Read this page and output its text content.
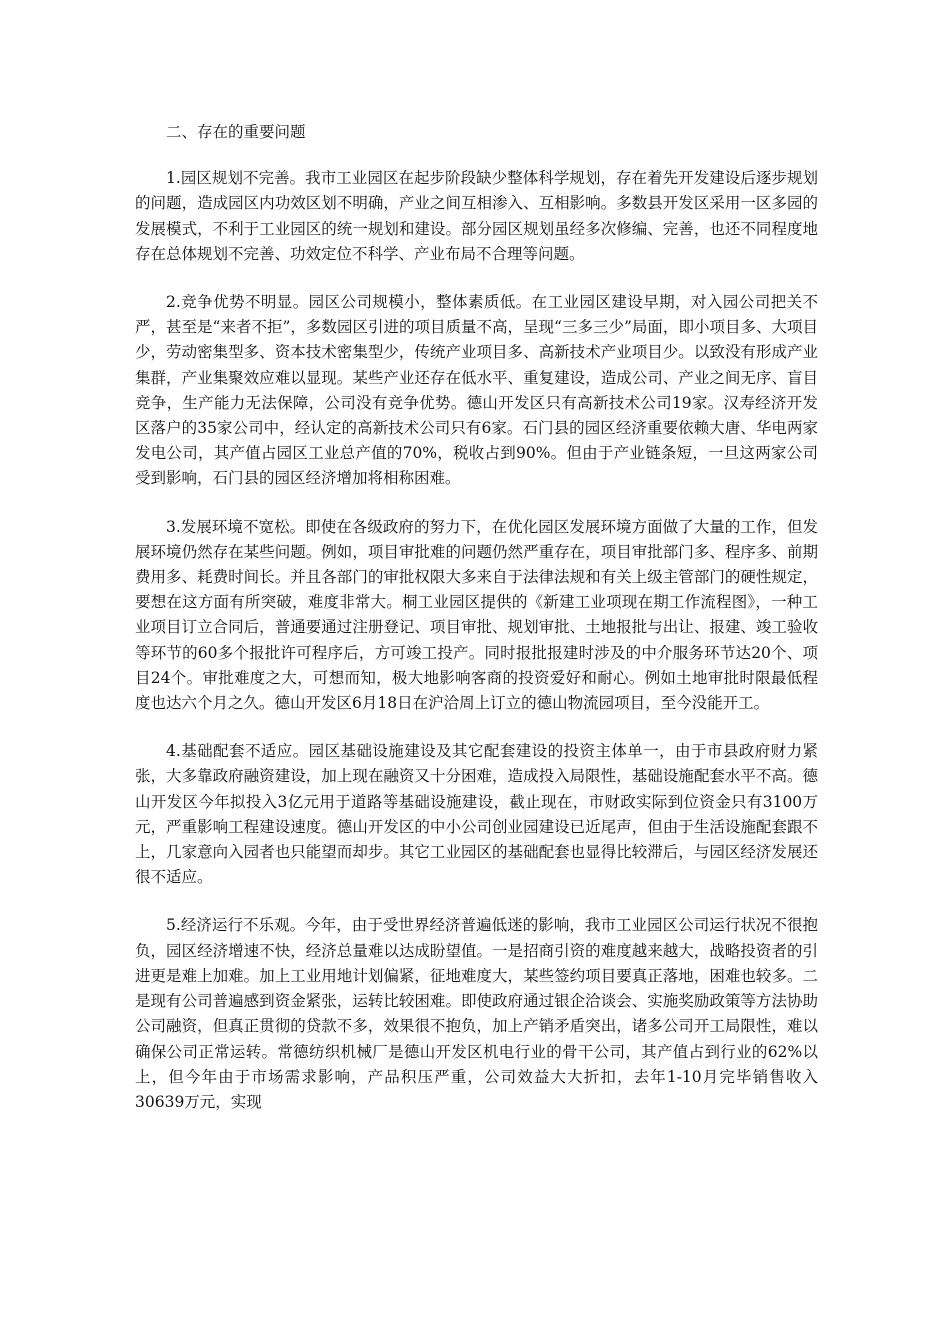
二、存在的重要问题

1.园区规划不完善。我市工业园区在起步阶段缺少整体科学规划，存在着先开发建设后逐步规划的问题，造成园区内功效区划不明确，产业之间互相渗入、互相影响。多数县开发区采用一区多园的发展模式，不利于工业园区的统一规划和建设。部分园区规划虽经多次修编、完善，也还不同程度地存在总体规划不完善、功效定位不科学、产业布局不合理等问题。

2.竞争优势不明显。园区公司规模小，整体素质低。在工业园区建设早期，对入园公司把关不严，甚至是“来者不拒”，多数园区引进的项目质量不高，呈现“三多三少”局面，即小项目多、大项目少，劳动密集型多、资本技术密集型少，传统产业项目多、高新技术产业项目少。以致没有形成产业集群，产业集聚效应难以显现。某些产业还存在低水平、重复建设，造成公司、产业之间无序、盲目竞争，生产能力无法保障，公司没有竞争优势。德山开发区只有高新技术公司19家。汉寿经济开发区落户的35家公司中，经认定的高新技术公司只有6家。石门县的园区经济重要依赖大唐、华电两家发电公司，其产值占园区工业总产值的70%，税收占到90%。但由于产业链条短，一旦这两家公司受到影响，石门县的园区经济增加将相称困难。

3.发展环境不宽松。即使在各级政府的努力下，在优化园区发展环境方面做了大量的工作，但发展环境仍然存在某些问题。例如，项目审批难的问题仍然严重存在，项目审批部门多、程序多、前期费用多、耗费时间长。并且各部门的审批权限大多来自于法律法规和有关上级主管部门的硬性规定，要想在这方面有所突破，难度非常大。桐工业园区提供的《新建工业项现在期工作流程图》，一种工业项目订立合同后，普通要通过注册登记、项目审批、规划审批、土地报批与出让、报建、竣工验收等环节的60多个报批许可程序后，方可竣工投产。同时报批报建时涉及的中介服务环节达20个、项目24个。审批难度之大，可想而知，极大地影响客商的投资爱好和耐心。例如土地审批时限最低程度也达六个月之久。德山开发区6月18日在沪洽周上订立的德山物流园项目，至今没能开工。

4.基础配套不适应。园区基础设施建设及其它配套建设的投资主体单一，由于市县政府财力紧张，大多靠政府融资建设，加上现在融资又十分困难，造成投入局限性，基础设施配套水平不高。德山开发区今年拟投入3亿元用于道路等基础设施建设，截止现在，市财政实际到位资金只有3100万元，严重影响工程建设速度。德山开发区的中小公司创业园建设已近尾声，但由于生活设施配套跟不上，几家意向入园者也只能望而却步。其它工业园区的基础配套也显得比较滞后，与园区经济发展还很不适应。

5.经济运行不乐观。今年，由于受世界经济普遍低迷的影响，我市工业园区公司运行状况不很抱负，园区经济增速不快，经济总量难以达成盼望值。一是招商引资的难度越来越大，战略投资者的引进更是难上加难。加上工业用地计划偏紧，征地难度大，某些签约项目要真正落地，困难也较多。二是现有公司普遍感到资金紧张，运转比较困难。即使政府通过银企洽谈会、实施奖励政策等方法协助公司融资，但真正贯彻的贷款不多，效果很不抱负，加上产销矛盾突出，诸多公司开工局限性，难以确保公司正常运转。常德纺织机械厂是德山开发区机电行业的骨干公司，其产值占到行业的62%以上，但今年由于市场需求影响，产品积压严重，公司效益大大折扣，去年1-10月完毕销售收入30639万元，实现
